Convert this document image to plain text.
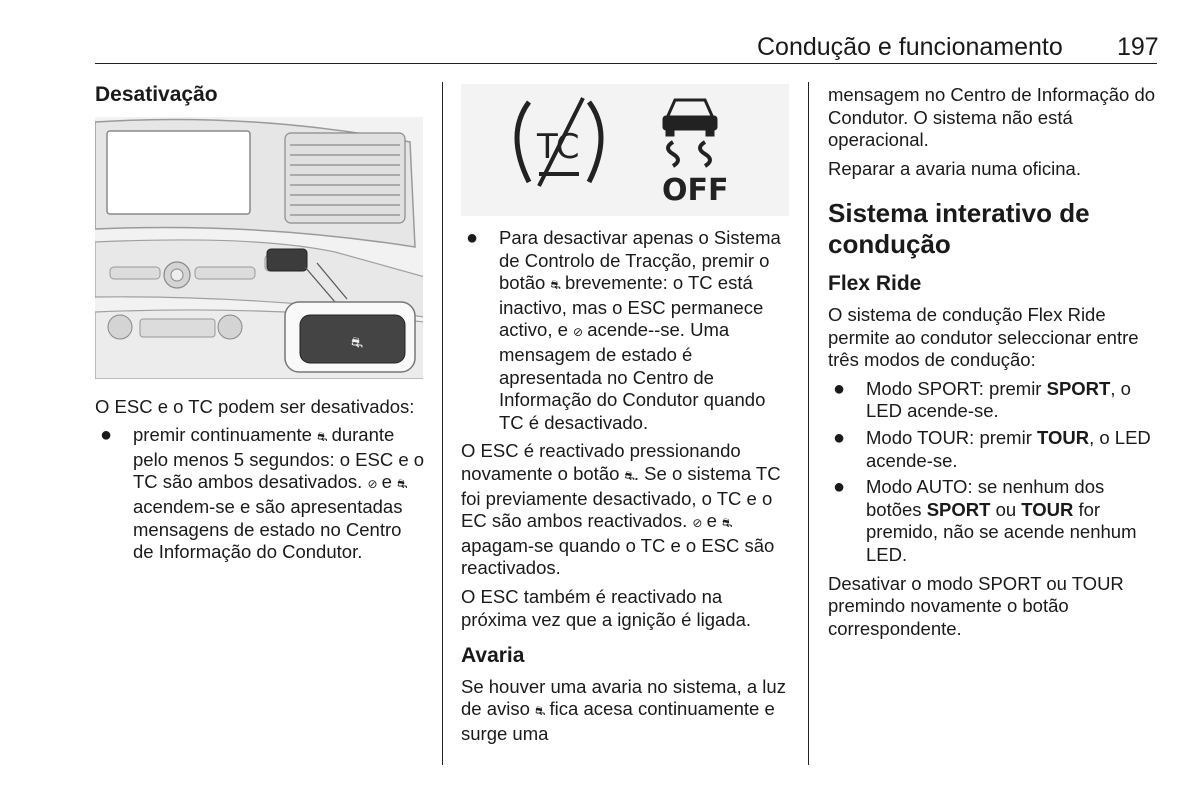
Condução e funcionamento 197
Desativação
⛐

O ESC e o TC podem ser desativados:

● premir continuamente ⛐ durante pelo menos 5 segundos: o ESC e o TC são ambos desativados. ⊘ e ⛐ acendem-se e são apresentadas mensagens de estado no Centro de Informação do Condutor.
TC
OFF
● Para desactivar apenas o Sistema de Controlo de Tracção, premir o botão ⛐ brevemente: o TC está inactivo, mas o ESC permanece activo, e ⊘ acende--se. Uma mensagem de estado é apresentada no Centro de Informação do Condutor quando TC é desactivado.

O ESC é reactivado pressionando novamente o botão ⛐. Se o sistema TC foi previamente desactivado, o TC e o EC são ambos reactivados. ⊘ e ⛐ apagam-se quando o TC e o ESC são reactivados.

O ESC também é reactivado na próxima vez que a ignição é ligada.

Avaria

Se houver uma avaria no sistema, a luz de aviso ⛐ fica acesa continuamente e surge uma

mensagem no Centro de Informação do Condutor. O sistema não está operacional.

Reparar a avaria numa oficina.

Sistema interativo de condução
Flex Ride

O sistema de condução Flex Ride permite ao condutor seleccionar entre três modos de condução:

● Modo SPORT: premir SPORT, o LED acende-se.
● Modo TOUR: premir TOUR, o LED acende-se.
● Modo AUTO: se nenhum dos botões SPORT ou TOUR for premido, não se acende nenhum LED.

Desativar o modo SPORT ou TOUR premindo novamente o botão correspondente.
